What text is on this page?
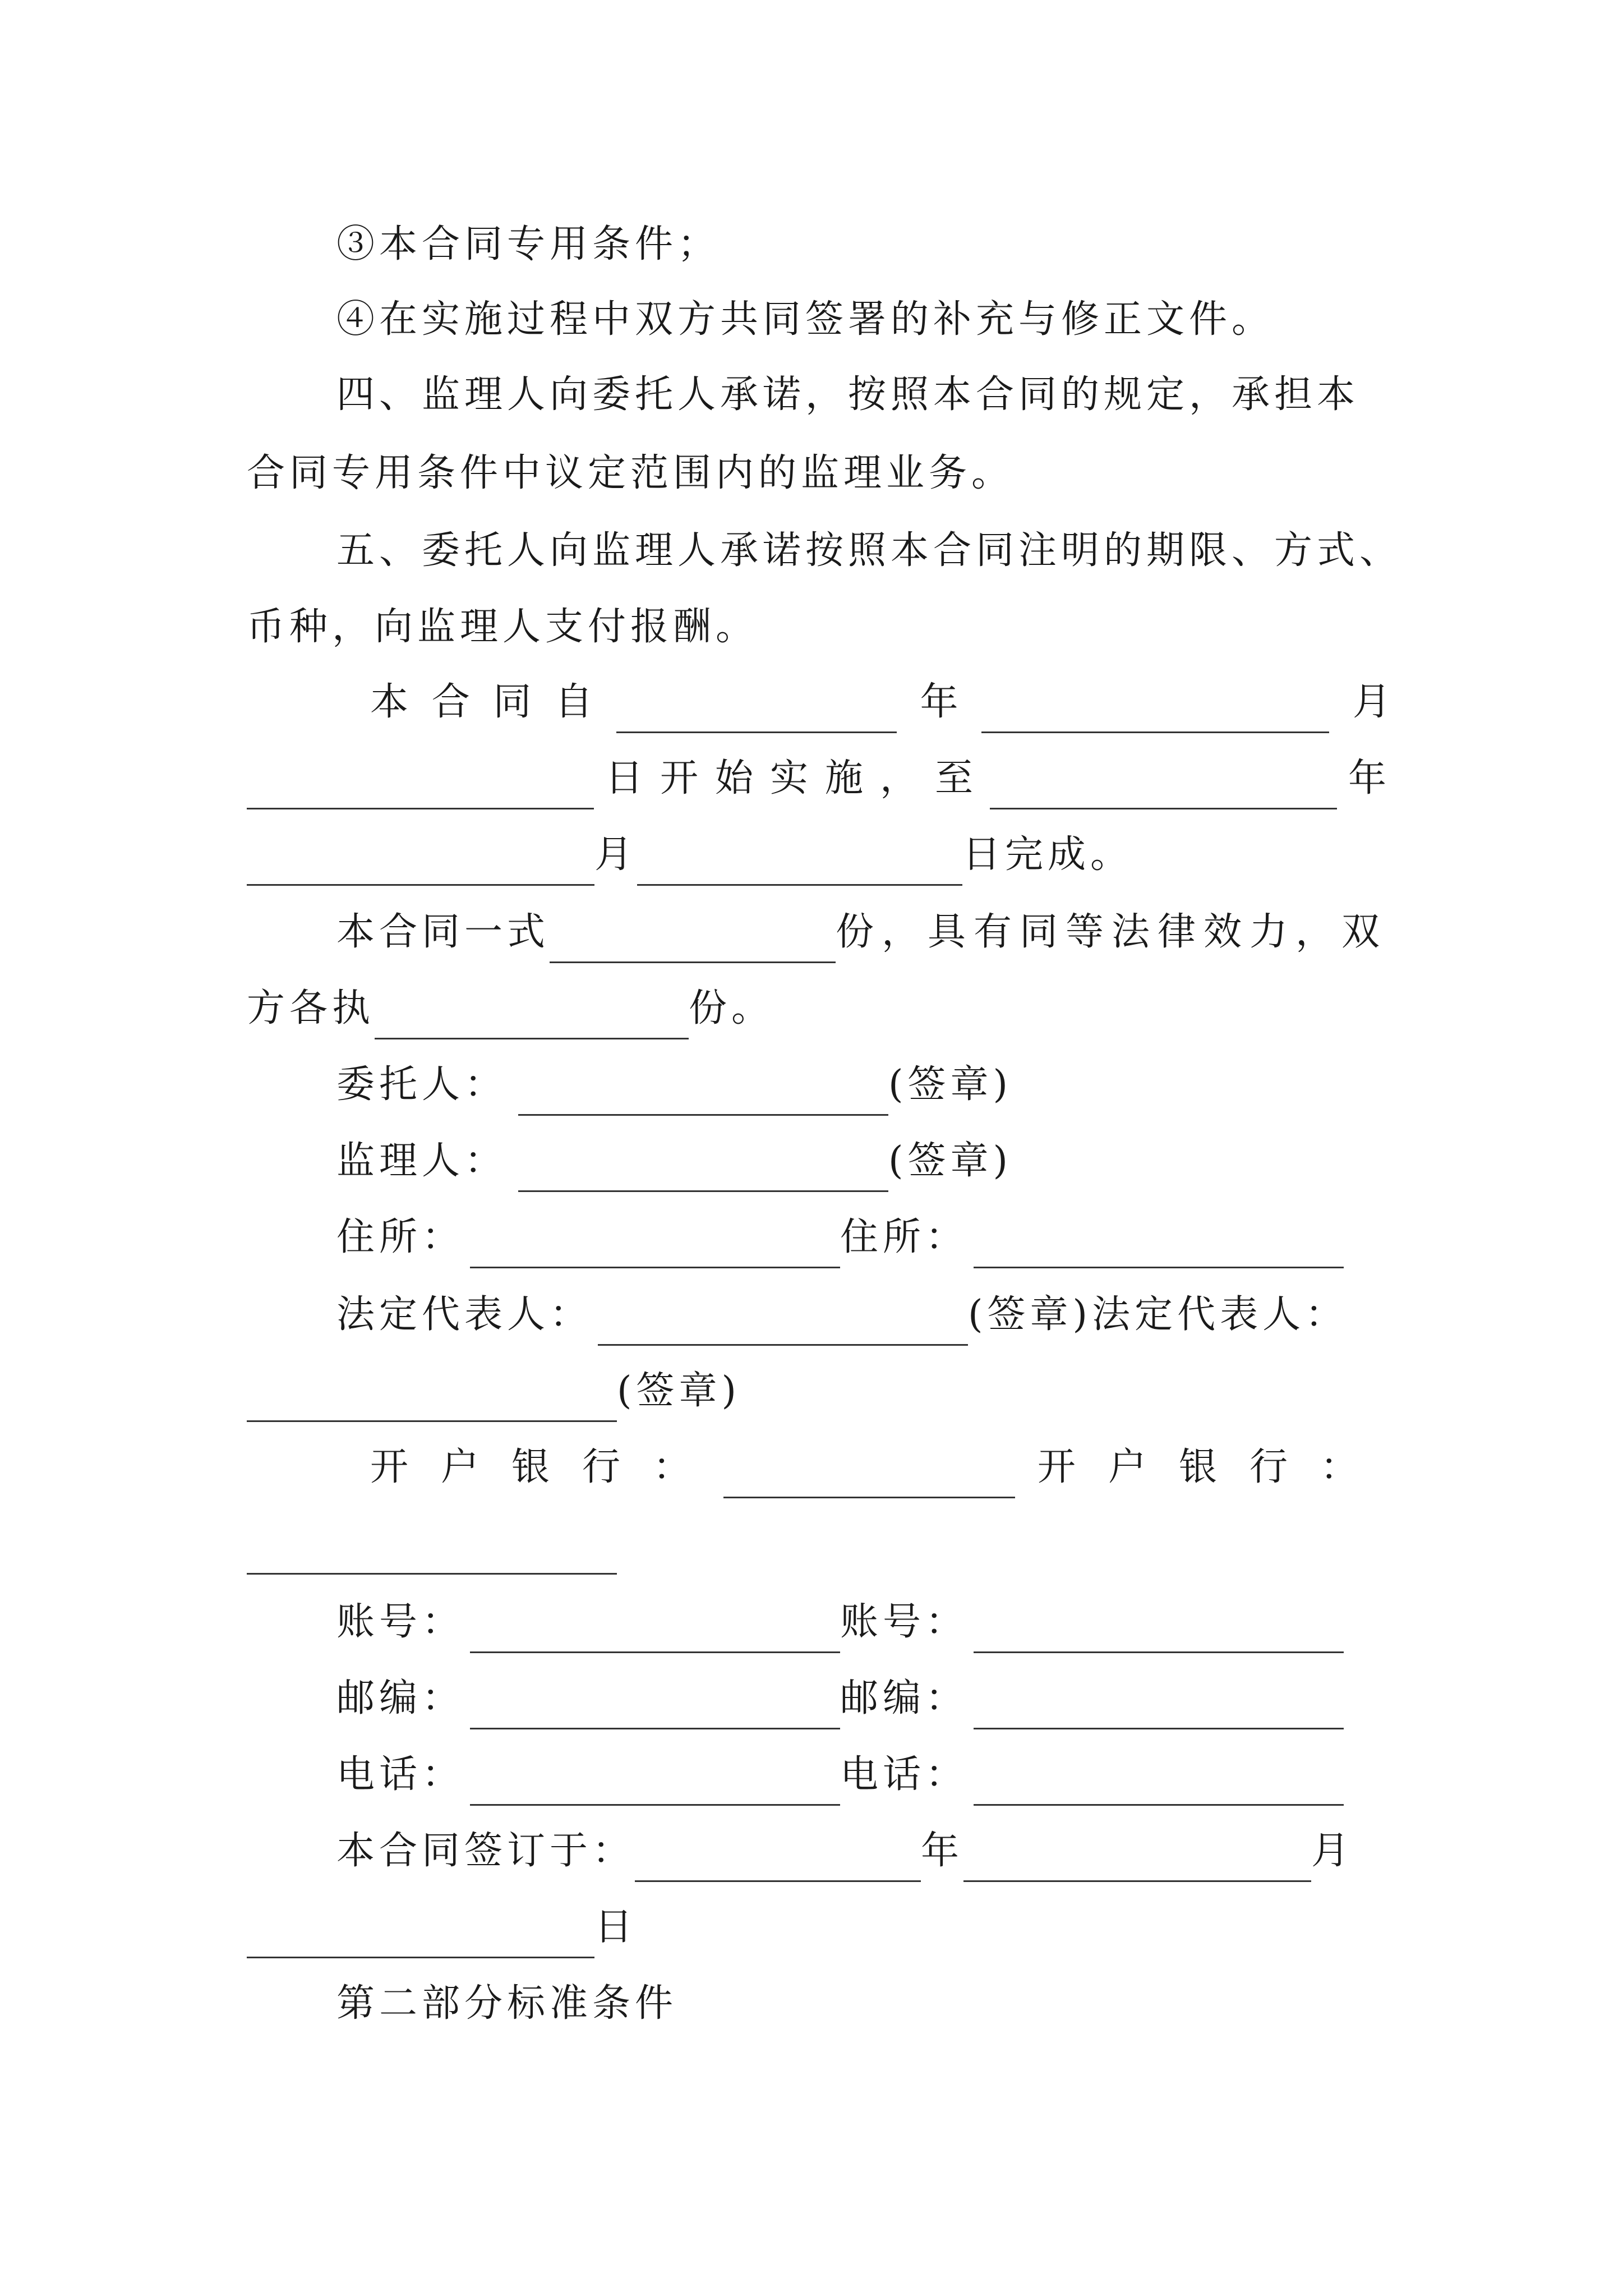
③本合同专用条件；
④在实施过程中双方共同签署的补充与修正文件。
四、监理人向委托人承诺，按照本合同的规定，承担本
合同专用条件中议定范围内的监理业务。
五、委托人向监理人承诺按照本合同注明的期限、方式、
币种，向监理人支付报酬。
本 合 同 自	年	月
日开始实施，至	年
月	日完成。
本合同一式	份，具有同等法律效力，双
方各执	份。
委托人：	(签章)
监理人：	(签章)
住所：	住所：
法定代表人：	(签章)法定代表人：
(签章)
开户银行：	开户银行：
账号：	账号：
邮编：	邮编：
电话：	电话：
本合同签订于：	年	月
日
第二部分标准条件
